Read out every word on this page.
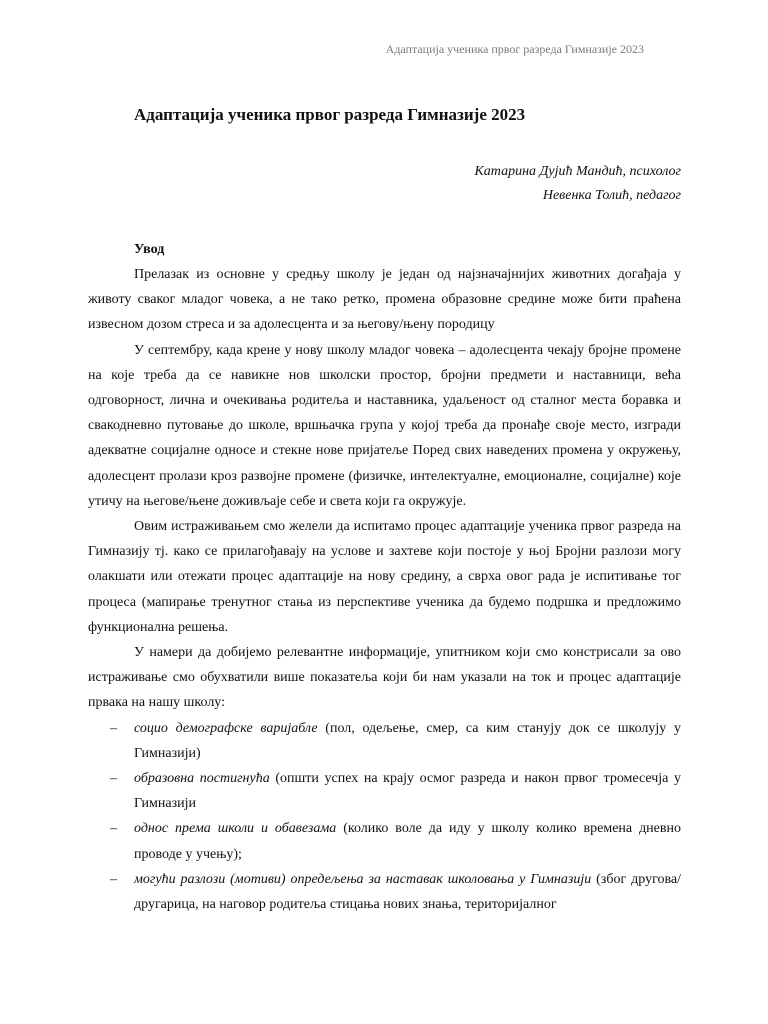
Адаптација ученика првог разреда Гимназије 2023
Адаптација ученика првог разреда Гимназије 2023
Катарина Дујић Мандић, психолог
Невенка Толић, педагог
Увод

Прелазак из основне у средњу школу је један од најзначајнијих животних догађаја у животу сваког младог човека, а не тако ретко, промена образовне средине може бити праћена извесном дозом стреса и за адолесцента и за његову/њену породицу

У септембру, када крене у нову школу младог човека – адолесцента чекају бројне промене на које треба да се навикне нов школски простор, бројни предмети и наставници, већа одговорност, лична и очекивања родитеља и наставника, удаљеност од сталног места боравка и свакодневно путовање до школе, вршњачка група у којој треба да пронађе своје место, изгради адекватне социјалне односе и стекне нове пријатеље Поред свих наведених промена у окружењу, адолесцент пролази кроз развојне промене (физичке, интелектуалне, емоционалне, социјалне) које утичу на његове/њене доживљаје себе и света који га окружује.

Овим истраживањем смо желели да испитамо процес адаптације ученика првог разреда на Гимназију тј. како се прилагођавају на услове и захтеве који постоје у њој Бројни разлози могу олакшати или отежати процес адаптације на нову средину, а сврха овог рада је испитивање тог процеса (мапирање тренутног стања из перспективе ученика да будемо подршка и предложимо функционална решења.

У намери да добијемо релевантне информације, упитником који смо констрисали за ово истраживање смо обухватили више показатеља који би нам указали на ток и процес адаптације првака на нашу школу:

– социо демографске варијабле (пол, одељење, смер, са ким станују док се школују у Гимназији)
– образовна постигнућа (општи успех на крају осмог разреда и након првог тромесечја у Гимназији
– однос према школи и обавезама (колико воле да иду у школу колико времена дневно проводе у учењу);
– могући разлози (мотиви) опредељења за наставак школовања у Гимназији (због другова/другарица, на наговор родитеља стицања нових знања, територијалног
